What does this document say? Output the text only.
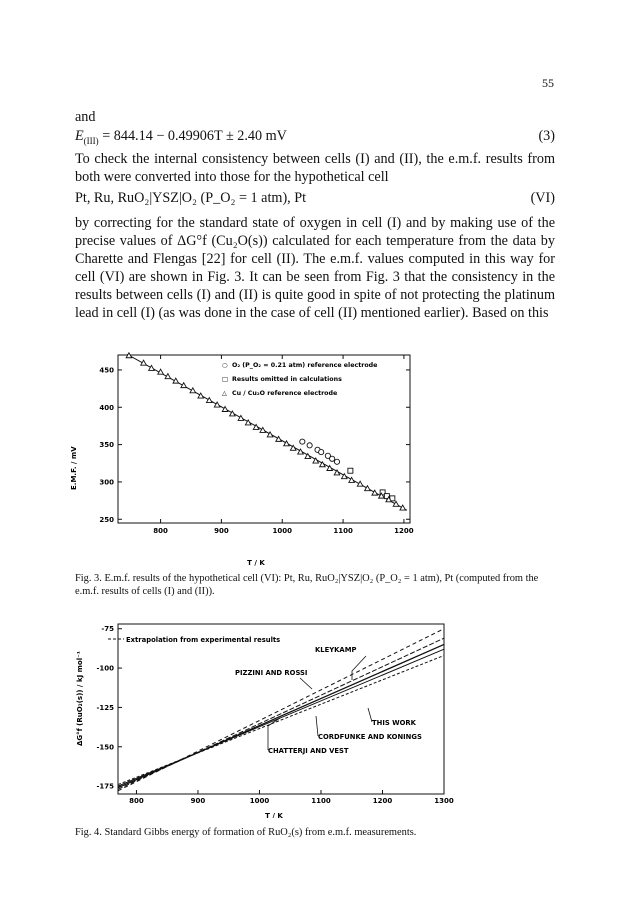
55
and
$E_{(III)} = 844.14 - 0.49906T \pm 2.40$ mV	(3)
To check the internal consistency between cells (I) and (II), the e.m.f. results from both were converted into those for the hypothetical cell
Pt, Ru, RuO₂|YSZ|O₂ (P_O₂ = 1 atm), Pt	(VI)
by correcting for the standard state of oxygen in cell (I) and by making use of the precise values of ΔG°f (Cu₂O(s)) calculated for each temperature from the data by Charette and Flengas [22] for cell (II). The e.m.f. values computed in this way for cell (VI) are shown in Fig. 3. It can be seen from Fig. 3 that the consistency in the results between cells (I) and (II) is quite good in spite of not protecting the platinum lead in cell (I) (as was done in the case of cell (II) mentioned earlier). Based on this
800	900	1000	1100	1200
250
300
350
400
450
○ O₂ (P_O₂ = 0.21 atm) reference electrode
□ Results omitted in calculations
△ Cu / Cu₂O reference electrode
E.M.F. / mV
T / K
Fig. 3. E.m.f. results of the hypothetical cell (VI): Pt, Ru, RuO₂|YSZ|O₂ (P_O₂ = 1 atm), Pt (computed from the e.m.f. results of cells (I) and (II)).
800	900	1000	1100	1200	1300
-75
-100
-125
-150
-175
Extrapolation from experimental results
KLEYKAMP
PIZZINI AND ROSSI
THIS WORK
CORDFUNKE AND KONINGS
CHATTERJI AND VEST
ΔG°f (RuO₂(s)) / kJ mol⁻¹
T / K
Fig. 4. Standard Gibbs energy of formation of RuO₂(s) from e.m.f. measurements.
